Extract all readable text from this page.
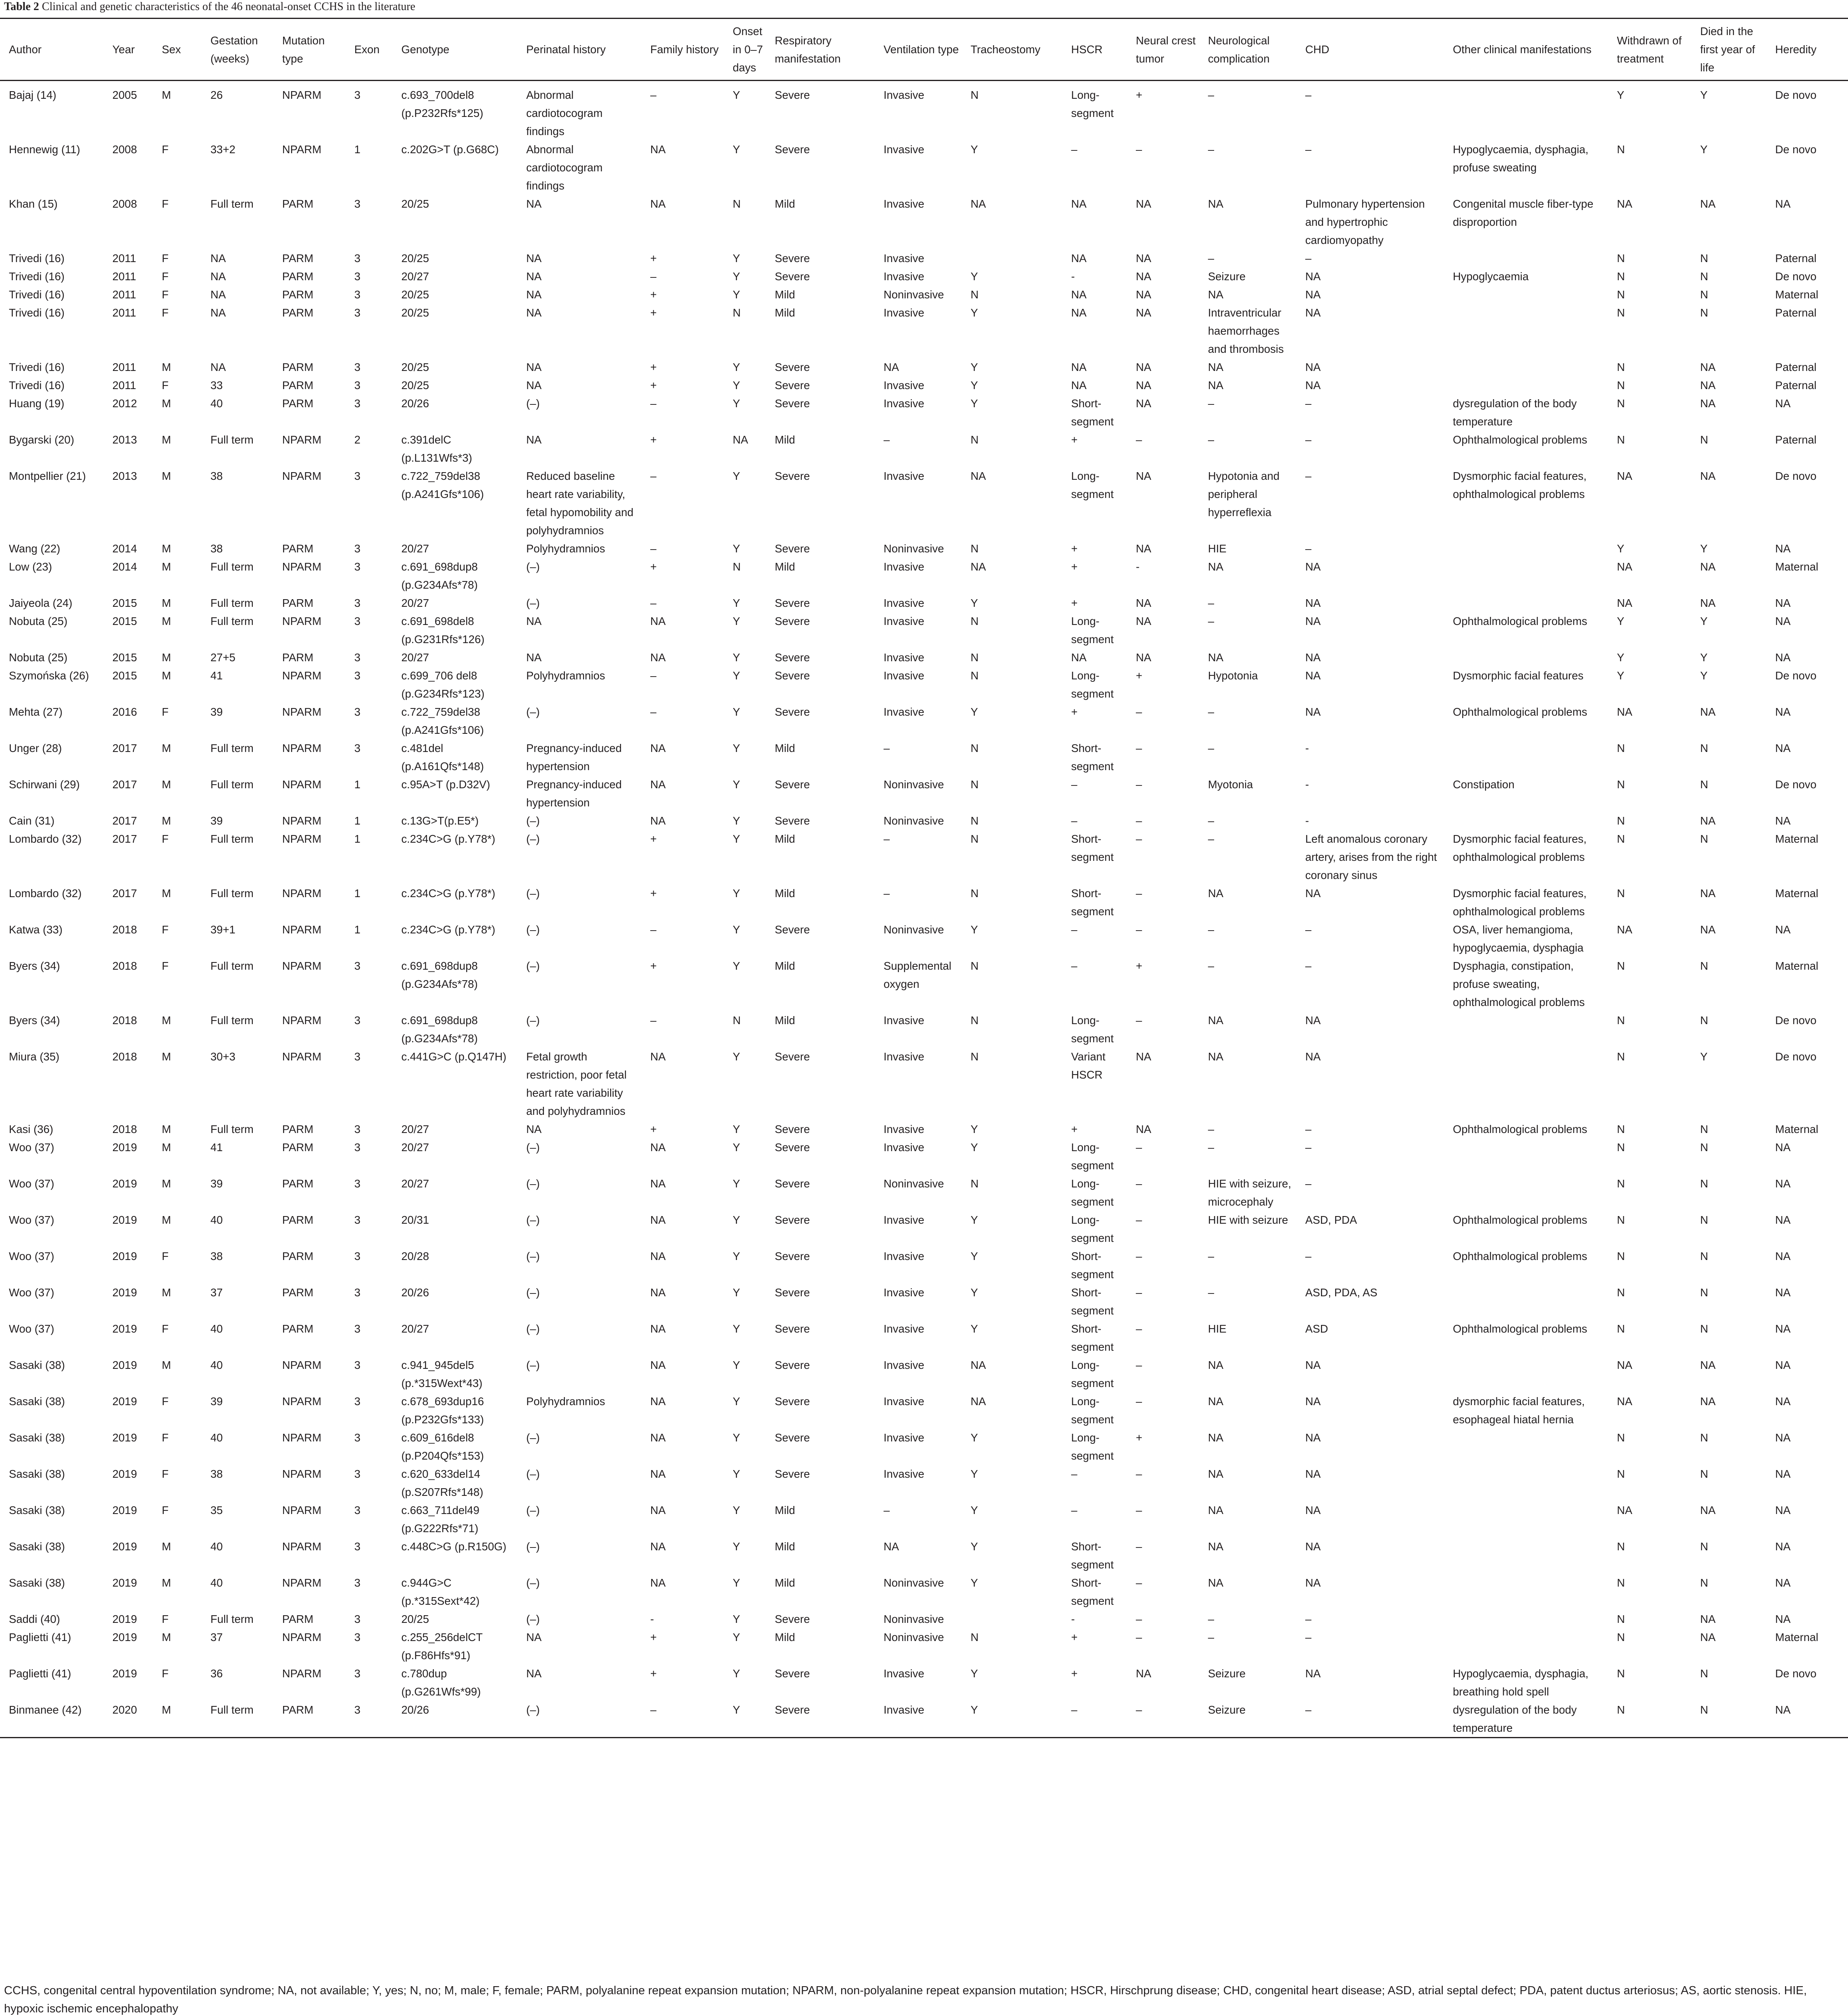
Table 2 Clinical and genetic characteristics of the 46 neonatal-onset CCHS in the literature
Author	Year	Sex	Gestation (weeks)	Mutation type	Exon	Genotype	Perinatal history	Family history	Onset in 0–7 days	Respiratory manifestation	Ventilation type	Tracheostomy	HSCR	Neural crest tumor	Neurological complication	CHD	Other clinical manifestations	Withdrawn of treatment	Died in the first year of life	Heredity
Bajaj (14)	2005	M	26	NPARM	3	c.693_700del8 (p.P232Rfs*125)	Abnormal cardiotocogram findings	–	Y	Severe	Invasive	N	Long-segment	+	–	–		Y	Y	De novo
Hennewig (11)	2008	F	33+2	NPARM	1	c.202G>T (p.G68C)	Abnormal cardiotocogram findings	NA	Y	Severe	Invasive	Y	–	–	–	–	Hypoglycaemia, dysphagia, profuse sweating	N	Y	De novo
Khan (15)	2008	F	Full term	PARM	3	20/25	NA	NA	N	Mild	Invasive	NA	NA	NA	NA	Pulmonary hypertension and hypertrophic cardiomyopathy	Congenital muscle fiber-type disproportion	NA	NA	NA
Trivedi (16)	2011	F	NA	PARM	3	20/25	NA	+	Y	Severe	Invasive		NA	NA	–	–		N	N	Paternal
Trivedi (16)	2011	F	NA	PARM	3	20/27	NA	–	Y	Severe	Invasive	Y	-	NA	Seizure	NA	Hypoglycaemia	N	N	De novo
Trivedi (16)	2011	F	NA	PARM	3	20/25	NA	+	Y	Mild	Noninvasive	N	NA	NA	NA	NA		N	N	Maternal
Trivedi (16)	2011	F	NA	PARM	3	20/25	NA	+	N	Mild	Invasive	Y	NA	NA	Intraventricular haemorrhages and thrombosis	NA		N	N	Paternal
Trivedi (16)	2011	M	NA	PARM	3	20/25	NA	+	Y	Severe	NA	Y	NA	NA	NA	NA		N	NA	Paternal
Trivedi (16)	2011	F	33	PARM	3	20/25	NA	+	Y	Severe	Invasive	Y	NA	NA	NA	NA		N	NA	Paternal
Huang (19)	2012	M	40	PARM	3	20/26	(–)	–	Y	Severe	Invasive	Y	Short-segment	NA	–	–	dysregulation of the body temperature	N	NA	NA
Bygarski (20)	2013	M	Full term	NPARM	2	c.391delC (p.L131Wfs*3)	NA	+	NA	Mild	–	N	+	–	–	–	Ophthalmological problems	N	N	Paternal
Montpellier (21)	2013	M	38	NPARM	3	c.722_759del38 (p.A241Gfs*106)	Reduced baseline heart rate variability, fetal hypomobility and polyhydramnios	–	Y	Severe	Invasive	NA	Long-segment	NA	Hypotonia and peripheral hyperreflexia	–	Dysmorphic facial features, ophthalmological problems	NA	NA	De novo
Wang (22)	2014	M	38	PARM	3	20/27	Polyhydramnios	–	Y	Severe	Noninvasive	N	+	NA	HIE	–		Y	Y	NA
Low (23)	2014	M	Full term	NPARM	3	c.691_698dup8 (p.G234Afs*78)	(–)	+	N	Mild	Invasive	NA	+	-	NA	NA		NA	NA	Maternal
Jaiyeola (24)	2015	M	Full term	PARM	3	20/27	(–)	–	Y	Severe	Invasive	Y	+	NA	–	NA		NA	NA	NA
Nobuta (25)	2015	M	Full term	NPARM	3	c.691_698del8 (p.G231Rfs*126)	NA	NA	Y	Severe	Invasive	N	Long-segment	NA	–	NA	Ophthalmological problems	Y	Y	NA
Nobuta (25)	2015	M	27+5	PARM	3	20/27	NA	NA	Y	Severe	Invasive	N	NA	NA	NA	NA		Y	Y	NA
Szymońska (26)	2015	M	41	NPARM	3	c.699_706 del8 (p.G234Rfs*123)	Polyhydramnios	–	Y	Severe	Invasive	N	Long-segment	+	Hypotonia	NA	Dysmorphic facial features	Y	Y	De novo
Mehta (27)	2016	F	39	NPARM	3	c.722_759del38 (p.A241Gfs*106)	(–)	–	Y	Severe	Invasive	Y	+	–	–	NA	Ophthalmological problems	NA	NA	NA
Unger (28)	2017	M	Full term	NPARM	3	c.481del (p.A161Qfs*148)	Pregnancy-induced hypertension	NA	Y	Mild	–	N	Short-segment	–	–	-		N	N	NA
Schirwani (29)	2017	M	Full term	NPARM	1	c.95A>T (p.D32V)	Pregnancy-induced hypertension	NA	Y	Severe	Noninvasive	N	–	–	Myotonia	-	Constipation	N	N	De novo
Cain (31)	2017	M	39	NPARM	1	c.13G>T(p.E5*)	(–)	NA	Y	Severe	Noninvasive	N	–	–	–	-		N	NA	NA
Lombardo (32)	2017	F	Full term	NPARM	1	c.234C>G (p.Y78*)	(–)	+	Y	Mild	–	N	Short-segment	–	–	Left anomalous coronary artery, arises from the right coronary sinus	Dysmorphic facial features, ophthalmological problems	N	N	Maternal
Lombardo (32)	2017	M	Full term	NPARM	1	c.234C>G (p.Y78*)	(–)	+	Y	Mild	–	N	Short-segment	–	NA	NA	Dysmorphic facial features, ophthalmological problems	N	NA	Maternal
Katwa (33)	2018	F	39+1	NPARM	1	c.234C>G (p.Y78*)	(–)	–	Y	Severe	Noninvasive	Y	–	–	–	–	OSA, liver hemangioma, hypoglycaemia, dysphagia	NA	NA	NA
Byers (34)	2018	F	Full term	NPARM	3	c.691_698dup8 (p.G234Afs*78)	(–)	+	Y	Mild	Supplemental oxygen	N	–	+	–	–	Dysphagia, constipation, profuse sweating, ophthalmological problems	N	N	Maternal
Byers (34)	2018	M	Full term	NPARM	3	c.691_698dup8 (p.G234Afs*78)	(–)	–	N	Mild	Invasive	N	Long-segment	–	NA	NA		N	N	De novo
Miura (35)	2018	M	30+3	NPARM	3	c.441G>C (p.Q147H)	Fetal growth restriction, poor fetal heart rate variability and polyhydramnios	NA	Y	Severe	Invasive	N	Variant HSCR	NA	NA	NA		N	Y	De novo
Kasi (36)	2018	M	Full term	PARM	3	20/27	NA	+	Y	Severe	Invasive	Y	+	NA	–	–	Ophthalmological problems	N	N	Maternal
Woo (37)	2019	M	41	PARM	3	20/27	(–)	NA	Y	Severe	Invasive	Y	Long-segment	–	–	–		N	N	NA
Woo (37)	2019	M	39	PARM	3	20/27	(–)	NA	Y	Severe	Noninvasive	N	Long-segment	–	HIE with seizure, microcephaly	–		N	N	NA
Woo (37)	2019	M	40	PARM	3	20/31	(–)	NA	Y	Severe	Invasive	Y	Long-segment	–	HIE with seizure	ASD, PDA	Ophthalmological problems	N	N	NA
Woo (37)	2019	F	38	PARM	3	20/28	(–)	NA	Y	Severe	Invasive	Y	Short-segment	–	–	–	Ophthalmological problems	N	N	NA
Woo (37)	2019	M	37	PARM	3	20/26	(–)	NA	Y	Severe	Invasive	Y	Short-segment	–	–	ASD, PDA, AS		N	N	NA
Woo (37)	2019	F	40	PARM	3	20/27	(–)	NA	Y	Severe	Invasive	Y	Short-segment	–	HIE	ASD	Ophthalmological problems	N	N	NA
Sasaki (38)	2019	M	40	NPARM	3	c.941_945del5 (p.*315Wext*43)	(–)	NA	Y	Severe	Invasive	NA	Long-segment	–	NA	NA		NA	NA	NA
Sasaki (38)	2019	F	39	NPARM	3	c.678_693dup16 (p.P232Gfs*133)	Polyhydramnios	NA	Y	Severe	Invasive	NA	Long-segment	–	NA	NA	dysmorphic facial features, esophageal hiatal hernia	NA	NA	NA
Sasaki (38)	2019	F	40	NPARM	3	c.609_616del8 (p.P204Qfs*153)	(–)	NA	Y	Severe	Invasive	Y	Long-segment	+	NA	NA		N	N	NA
Sasaki (38)	2019	F	38	NPARM	3	c.620_633del14 (p.S207Rfs*148)	(–)	NA	Y	Severe	Invasive	Y	–	–	NA	NA		N	N	NA
Sasaki (38)	2019	F	35	NPARM	3	c.663_711del49 (p.G222Rfs*71)	(–)	NA	Y	Mild	–	Y	–	–	NA	NA		NA	NA	NA
Sasaki (38)	2019	M	40	NPARM	3	c.448C>G (p.R150G)	(–)	NA	Y	Mild	NA	Y	Short-segment	–	NA	NA		N	N	NA
Sasaki (38)	2019	M	40	NPARM	3	c.944G>C (p.*315Sext*42)	(–)	NA	Y	Mild	Noninvasive	Y	Short-segment	–	NA	NA		N	N	NA
Saddi (40)	2019	F	Full term	PARM	3	20/25	(–)	-	Y	Severe	Noninvasive		-	–	–	–		N	NA	NA
Paglietti (41)	2019	M	37	NPARM	3	c.255_256delCT (p.F86Hfs*91)	NA	+	Y	Mild	Noninvasive	N	+	–	–	–		N	NA	Maternal
Paglietti (41)	2019	F	36	NPARM	3	c.780dup (p.G261Wfs*99)	NA	+	Y	Severe	Invasive	Y	+	NA	Seizure	NA	Hypoglycaemia, dysphagia, breathing hold spell	N	N	De novo
Binmanee (42)	2020	M	Full term	PARM	3	20/26	(–)	–	Y	Severe	Invasive	Y	–	–	Seizure	–	dysregulation of the body temperature	N	N	NA
CCHS, congenital central hypoventilation syndrome; NA, not available; Y, yes; N, no; M, male; F, female; PARM, polyalanine repeat expansion mutation; NPARM, non-polyalanine repeat expansion mutation; HSCR, Hirschprung disease; CHD, congenital heart disease; ASD, atrial septal defect; PDA, patent ductus arteriosus; AS, aortic stenosis. HIE, hypoxic ischemic encephalopathy
